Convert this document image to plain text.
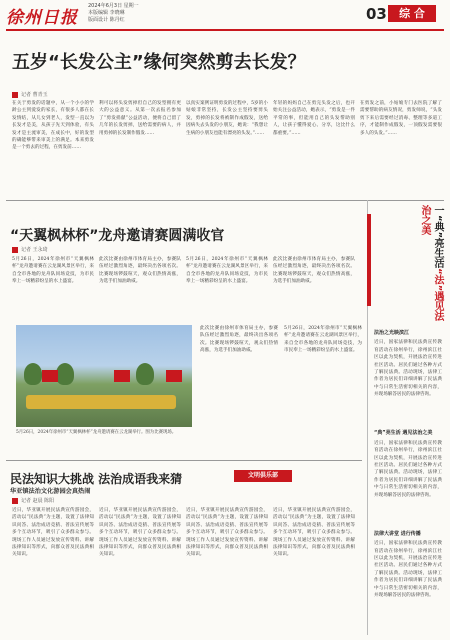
徐州日报
2024年6月3日 星期一
本版编辑 李晓琳
版面设计 陈丹红	03	综 合
五岁“长发公主”缘何突然剪去长发？
记者 曹青玉
在关于剪发的话题中，从一个小小的学龄公主到爱发的家长，有很多人都在长发情结，从儿女到老人，发型一直以为长发才是美，从孩子先天到体验，有头发才是主流审美，在成长中，好的发型的确能够带来审美上的满足。本来剪发是一个剪去的过程，在剪发前……
利可以将头发剪掉但自己的发型拥有更大的公益意义。从第一次去报名参加了“剪发捐献”公益活动，便将自己留了几年的长发剪掉，送给需要的病人，并用剪掉的长发制作假发……
以真实案例证明剪发的过程中，5岁的小姑娘非常坚持，长发公主坚持要剪头发，剪掉的长发将被制作成假发，送给因病失去头发的小朋友，她说：“我想让生病的小朋友也能有漂亮的头发。”……
年轻的妈妈自己在剪完头发之后，也开始关注公益活动，她表示，“剪发是一件平常的事，但能用自己的头发帮助别人，让孩子懂得爱心、分享，这比什么都重要。”……
在剪发之前，小姑娘专门去医院了解了需要帮助的病友情况，剪发师说，“头发剪下来后需要经过消毒、整理等多道工序，才能制作成假发，一顶假发需要很多人的头发。”……
一“典”亮生活“法”遇见法治之美
法治之光映滨江
近日，国家法律和民法典宣传教育活动在徐州举行，徐州滨江社区以此为契机，开展法治宣传进社区活动。居民们通过各种方式了解民法典。活动现场，法律工作者为居民们详细讲解了民法典中与日常生活密切相关的内容，并现场解答居民的法律咨询。
“典”亮生活 遇见法治之美
近日，国家法律和民法典宣传教育活动在徐州举行，徐州滨江社区以此为契机，开展法治宣传进社区活动。居民们通过各种方式了解民法典。活动现场，法律工作者为居民们详细讲解了民法典中与日常生活密切相关的内容，并现场解答居民的法律咨询。
法律大讲堂 进行传播
近日，国家法律和民法典宣传教育活动在徐州举行，徐州滨江社区以此为契机，开展法治宣传进社区活动。居民们通过各种方式了解民法典。活动现场，法律工作者为居民们详细讲解了民法典中与日常生活密切相关的内容，并现场解答居民的法律咨询。
“天翼枫林杯”龙舟邀请赛圆满收官
记者 王永琦
5月26日，2024年徐州市“天翼枫林杯”龙舟邀请赛在云龙湖风景区举行，来自全市各地的龙舟队同场竞技，为市民奉上一场精彩纷呈的水上盛宴。
此次比赛由徐州市体育局主办，参赛队伍经过激烈角逐，最终决出各项名次。比赛现场锣鼓喧天，观众们热情高涨，为选手们加油助威。
5月26日，2024年徐州市“天翼枫林杯”龙舟邀请赛在云龙湖风景区举行，来自全市各地的龙舟队同场竞技，为市民奉上一场精彩纷呈的水上盛宴。
此次比赛由徐州市体育局主办，参赛队伍经过激烈角逐，最终决出各项名次。比赛现场锣鼓喧天，观众们热情高涨，为选手们加油助威。
5月26日，2024年徐州市“天翼枫林杯”龙舟邀请赛在云龙湖举行。图为比赛现场。
此次比赛由徐州市体育局主办，参赛队伍经过激烈角逐，最终决出各项名次。比赛现场锣鼓喧天，观众们热情高涨，为选手们加油助威。
5月26日，2024年徐州市“天翼枫林杯”龙舟邀请赛在云龙湖风景区举行，来自全市各地的龙舟队同场竞技，为市民奉上一场精彩纷呈的水上盛宴。
民法知识大挑战 法治成语我来猜	文明俱乐部
华亚镇法治文化游园会真热闹
记者 赵晨 陈阳
近日，华亚镇开展民法典宣传游园会，活动以“民法典”为主题，设置了法律知识问答、法治成语竞猜、普法宣传展等多个互动环节，吸引了众多群众参与。现场工作人员通过发放宣传资料、讲解法律知识等形式，向群众普及民法典相关知识。
近日，华亚镇开展民法典宣传游园会，活动以“民法典”为主题，设置了法律知识问答、法治成语竞猜、普法宣传展等多个互动环节，吸引了众多群众参与。现场工作人员通过发放宣传资料、讲解法律知识等形式，向群众普及民法典相关知识。
近日，华亚镇开展民法典宣传游园会，活动以“民法典”为主题，设置了法律知识问答、法治成语竞猜、普法宣传展等多个互动环节，吸引了众多群众参与。现场工作人员通过发放宣传资料、讲解法律知识等形式，向群众普及民法典相关知识。
近日，华亚镇开展民法典宣传游园会，活动以“民法典”为主题，设置了法律知识问答、法治成语竞猜、普法宣传展等多个互动环节，吸引了众多群众参与。现场工作人员通过发放宣传资料、讲解法律知识等形式，向群众普及民法典相关知识。
